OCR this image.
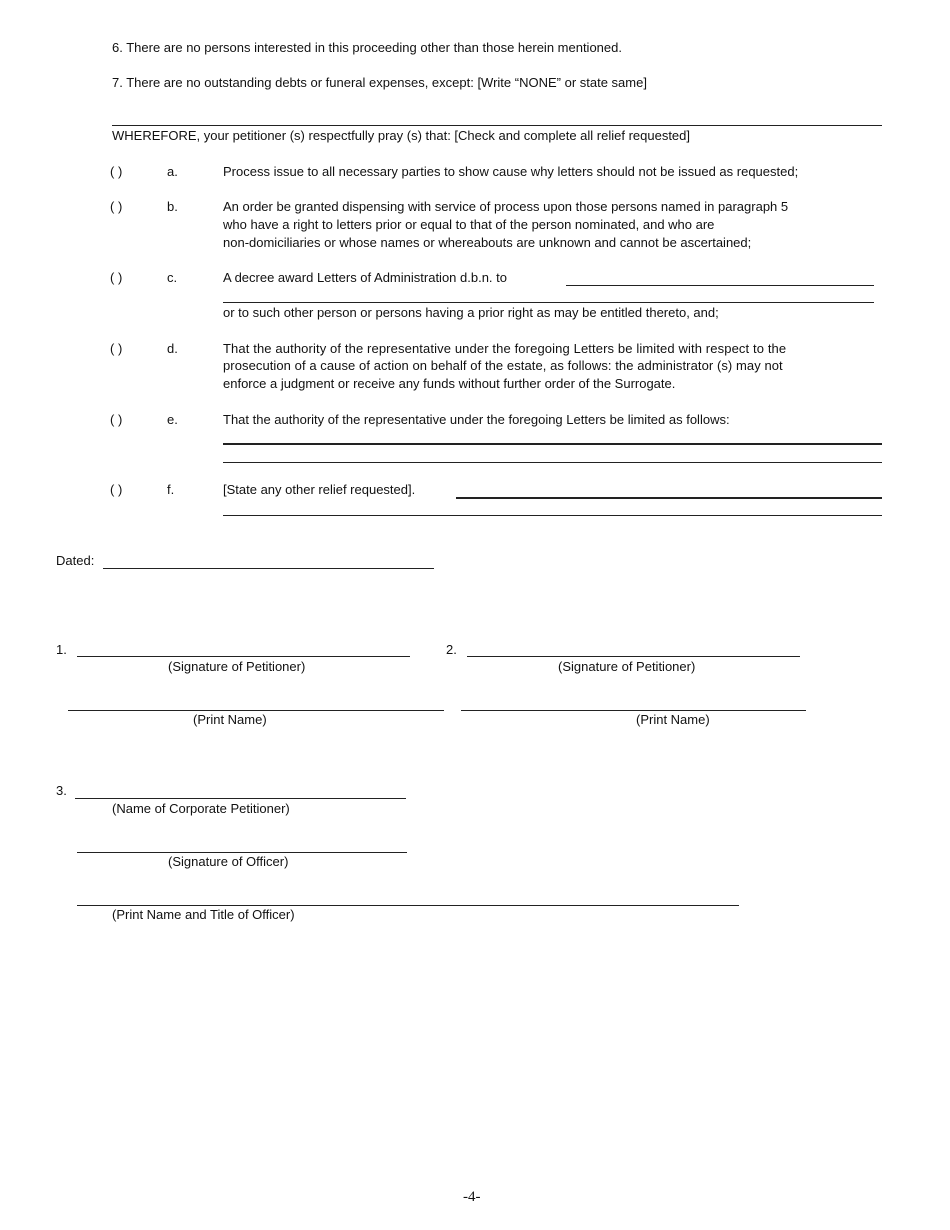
6. There are no persons interested in this proceeding other than those herein mentioned.
7. There are no outstanding debts or funeral expenses, except: [Write “NONE” or state same]
WHEREFORE, your petitioner (s) respectfully pray (s) that: [Check and complete all relief requested]
( )	a.	Process issue to all necessary parties to show cause why letters should not be issued as requested;
( )	b.	An order be granted dispensing with service of process upon those persons named in paragraph 5
who have a right to letters prior or equal to that of the person nominated, and who are
non-domiciliaries or whose names or whereabouts are unknown and cannot be ascertained;
( )	c.	A decree award Letters of Administration d.b.n. to
or to such other person or persons having a prior right as may be entitled thereto, and;
( )	d.	That the authority of the representative under the foregoing Letters be limited with respect to the
prosecution of a cause of action on behalf of the estate, as follows: the administrator (s) may not
enforce a judgment or receive any funds without further order of the Surrogate.
( )	e.	That the authority of the representative under the foregoing Letters be limited as follows:
( )	f.	[State any other relief requested].
Dated:
1.
(Signature of Petitioner)
2.
(Signature of Petitioner)
(Print Name)	(Print Name)
3.
(Name of Corporate Petitioner)
(Signature of Officer)
(Print Name and Title of Officer)
-4-
